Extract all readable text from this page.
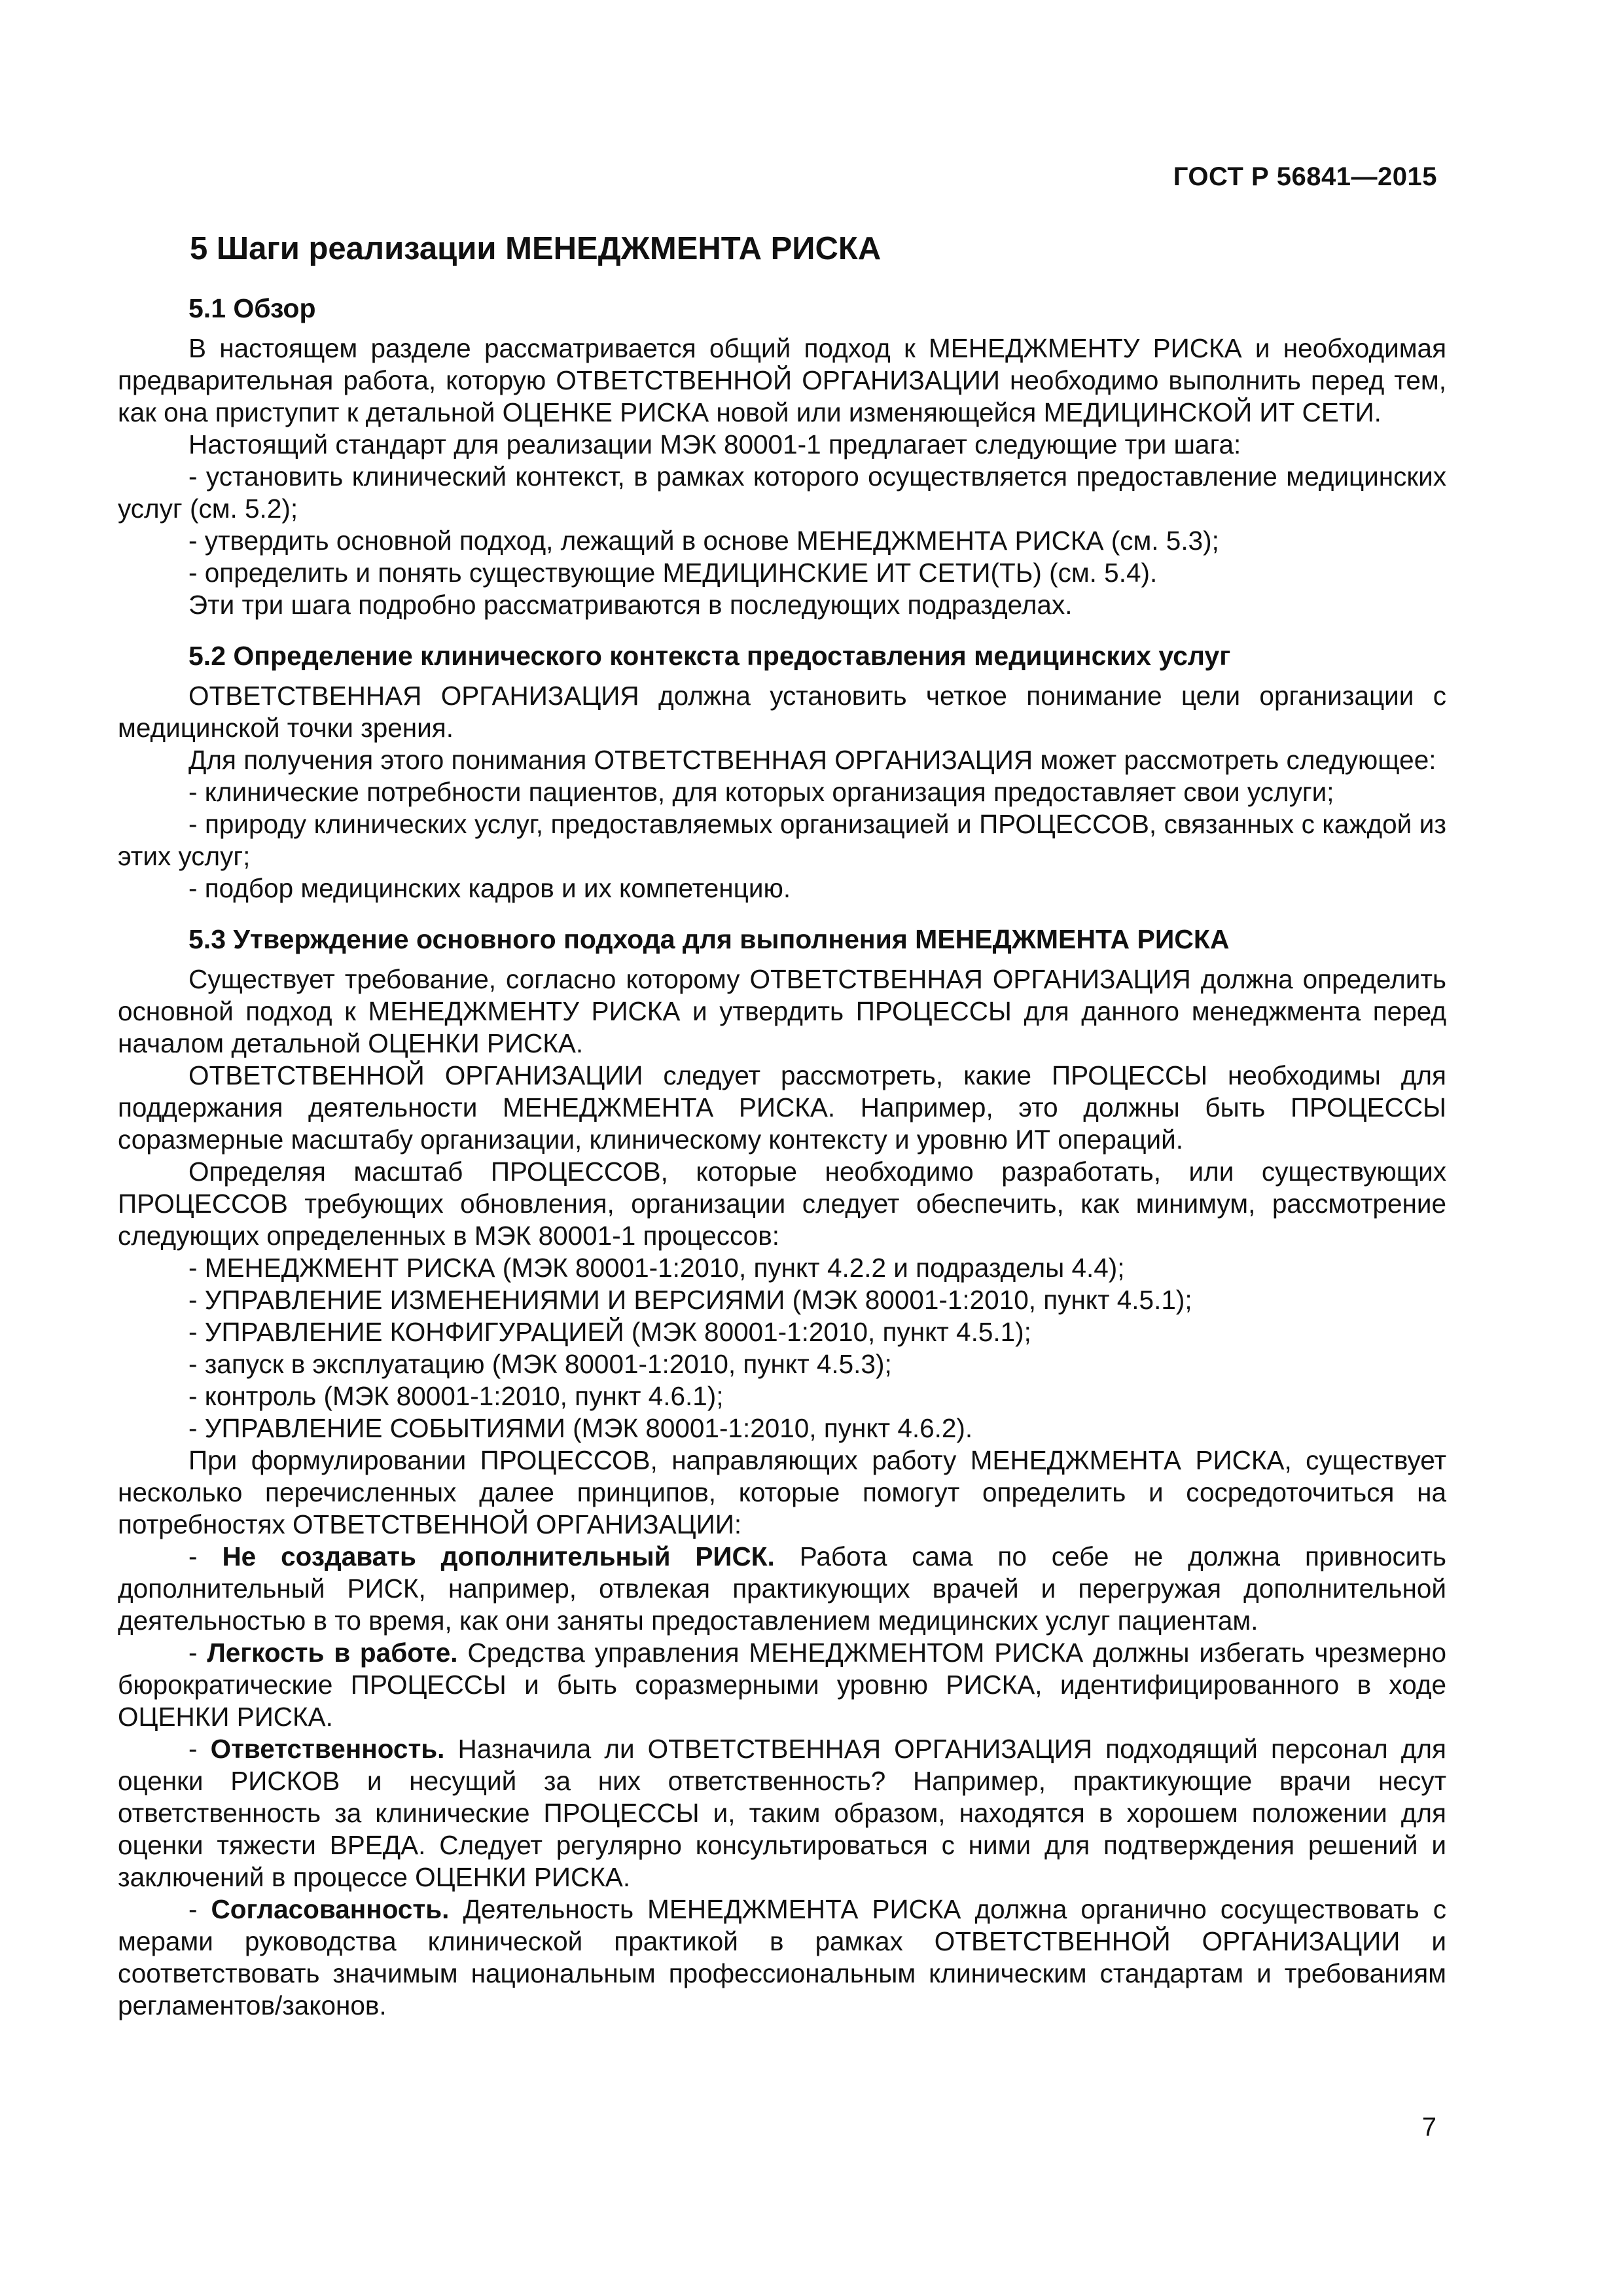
ГОСТ Р 56841—2015
5 Шаги реализации МЕНЕДЖМЕНТА РИСКА
5.1 Обзор

В настоящем разделе рассматривается общий подход к МЕНЕДЖМЕНТУ РИСКА и необходимая предварительная работа, которую ОТВЕТСТВЕННОЙ ОРГАНИЗАЦИИ необходимо выполнить перед тем, как она приступит к детальной ОЦЕНКЕ РИСКА новой или изменяющейся МЕДИЦИНСКОЙ ИТ СЕТИ.

Настоящий стандарт для реализации МЭК 80001-1 предлагает следующие три шага:

- установить клинический контекст, в рамках которого осуществляется предоставление медицинских услуг (см. 5.2);

- утвердить основной подход, лежащий в основе МЕНЕДЖМЕНТА РИСКА (см. 5.3);

- определить и понять существующие МЕДИЦИНСКИЕ ИТ СЕТИ(ТЬ) (см. 5.4).

Эти три шага подробно рассматриваются в последующих подразделах.

5.2 Определение клинического контекста предоставления медицинских услуг

ОТВЕТСТВЕННАЯ ОРГАНИЗАЦИЯ должна установить четкое понимание цели организации с медицинской точки зрения.

Для получения этого понимания ОТВЕТСТВЕННАЯ ОРГАНИЗАЦИЯ может рассмотреть следующее:

- клинические потребности пациентов, для которых организация предоставляет свои услуги;

- природу клинических услуг, предоставляемых организацией и ПРОЦЕССОВ, связанных с каждой из этих услуг;

- подбор медицинских кадров и их компетенцию.

5.3 Утверждение основного подхода для выполнения МЕНЕДЖМЕНТА РИСКА

Существует требование, согласно которому ОТВЕТСТВЕННАЯ ОРГАНИЗАЦИЯ должна определить основной подход к МЕНЕДЖМЕНТУ РИСКА и утвердить ПРОЦЕССЫ для данного менеджмента перед началом детальной ОЦЕНКИ РИСКА.

ОТВЕТСТВЕННОЙ ОРГАНИЗАЦИИ следует рассмотреть, какие ПРОЦЕССЫ необходимы для поддержания деятельности МЕНЕДЖМЕНТА РИСКА. Например, это должны быть ПРОЦЕССЫ соразмерные масштабу организации, клиническому контексту и уровню ИТ операций.

Определяя масштаб ПРОЦЕССОВ, которые необходимо разработать, или существующих ПРОЦЕССОВ требующих обновления, организации следует обеспечить, как минимум, рассмотрение следующих определенных в МЭК 80001-1 процессов:

- МЕНЕДЖМЕНТ РИСКА (МЭК 80001-1:2010, пункт 4.2.2 и подразделы 4.4);

- УПРАВЛЕНИЕ ИЗМЕНЕНИЯМИ И ВЕРСИЯМИ (МЭК 80001-1:2010, пункт 4.5.1);

- УПРАВЛЕНИЕ КОНФИГУРАЦИЕЙ (МЭК 80001-1:2010, пункт 4.5.1);

- запуск в эксплуатацию (МЭК 80001-1:2010, пункт 4.5.3);

- контроль (МЭК 80001-1:2010, пункт 4.6.1);

- УПРАВЛЕНИЕ СОБЫТИЯМИ (МЭК 80001-1:2010, пункт 4.6.2).

При формулировании ПРОЦЕССОВ, направляющих работу МЕНЕДЖМЕНТА РИСКА, существует несколько перечисленных далее принципов, которые помогут определить и сосредоточиться на потребностях ОТВЕТСТВЕННОЙ ОРГАНИЗАЦИИ:

- Не создавать дополнительный РИСК. Работа сама по себе не должна привносить дополнительный РИСК, например, отвлекая практикующих врачей и перегружая дополнительной деятельностью в то время, как они заняты предоставлением медицинских услуг пациентам.

- Легкость в работе. Средства управления МЕНЕДЖМЕНТОМ РИСКА должны избегать чрезмерно бюрократические ПРОЦЕССЫ и быть соразмерными уровню РИСКА, идентифицированного в ходе ОЦЕНКИ РИСКА.

- Ответственность. Назначила ли ОТВЕТСТВЕННАЯ ОРГАНИЗАЦИЯ подходящий персонал для оценки РИСКОВ и несущий за них ответственность? Например, практикующие врачи несут ответственность за клинические ПРОЦЕССЫ и, таким образом, находятся в хорошем положении для оценки тяжести ВРЕДА. Следует регулярно консультироваться с ними для подтверждения решений и заключений в процессе ОЦЕНКИ РИСКА.

- Согласованность. Деятельность МЕНЕДЖМЕНТА РИСКА должна органично сосуществовать с мерами руководства клинической практикой в рамках ОТВЕТСТВЕННОЙ ОРГАНИЗАЦИИ и соответствовать значимым национальным профессиональным клиническим стандартам и требованиям регламентов/законов.

7
